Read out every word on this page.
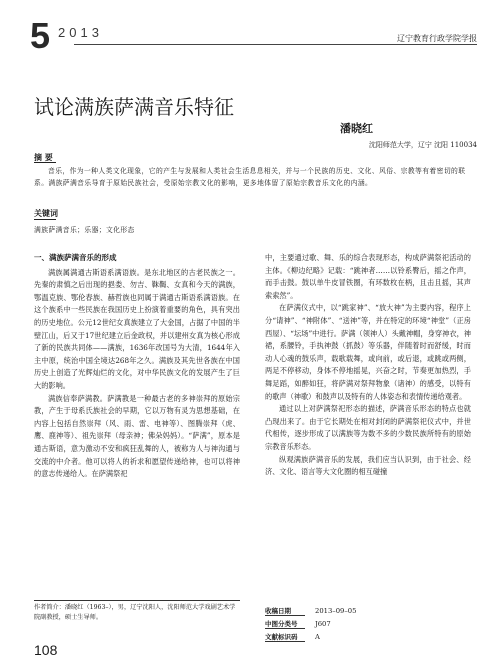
5 2013	辽宁教育行政学院学报
试论满族萨满音乐特征
潘晓红
沈阳师范大学，辽宁 沈阳 110034
摘 要

音乐，作为一种人类文化现象，它的产生与发展和人类社会生活息息相关，并与一个民族的历史、文化、风俗、宗教等有着密切的联系。满族萨满音乐导育于原始民族社会，受原始宗教文化的影响，更多地体留了原始宗教音乐文化的内涵。

关键词
满族萨满音乐；乐器；文化形态
一、满族萨满音乐的形成

满族属满通古斯语系满语族。是东北地区的古老民族之一。先秦的肃慎之后出现的挹娄、勿吉、靺鞨、女真和今天的满族，鄂温克族、鄂伦春族、赫哲族也同属于满通古斯语系满语族。在这个族系中一些民族在我国历史上扮演着重要的角色，具有突出的历史地位。公元12世纪女真族建立了大金国，占据了中国的半壁江山，后又于17世纪建立后金政权，并以建州女真为核心形成了新的民族共同体——满族，1636年改国号为大清，1644年入主中原，统治中国全境达268年之久。满族及其先世各族在中国历史上创造了光辉灿烂的文化，对中华民族文化的发展产生了巨大的影响。

满族信奉萨满教。萨满教是一种最古老的多神崇拜的原始宗教，产生于母系氏族社会的早期，它以万物有灵为思想基础，在内容上包括自然崇拜（风、雨、雷、电神等）、图腾崇拜（虎、鹰、鹿神等）、祖先崇拜（母亲神；佛朵妈妈）。“萨满”，原本是通古斯语，意为激动不安和疯狂乱舞的人，被称为人与神沟通与交流的中介者。他可以将人的祈求和愿望传递给神，也可以将神的意志传递给人。在萨满祭祀

中，主要通过歌、舞、乐的综合表现形态，构成萨满祭祀活动的主体。《柳边纪略》记载：“跳神者……以铃系臀后，摇之作声，而手击鼓。鼓以单牛皮冒铁圈，有环数枚在柄，且击且摇，其声索索然”。

在萨满仪式中，以“跳家神”、“放大神”为主要内容，程序上分“请神”、“神附体”、“送神”等，并在特定的环境“神堂”（正房西屋）、“坛场”中进行。萨满（领神人）头戴神帽，身穿神衣，神裙，系腰铃，手执神鼓（抓鼓）等乐器，伴随着时而舒缓，时而动人心魂的鼓乐声，载歌载舞，或向前，或后退，或跳或两侧，两足不停移动，身体不停地摇晃，兴奋之时，节奏更加热烈，手舞足蹈，如醉如狂，将萨满对祭拜物象（诸神）的感受，以特有的歌声（神歌）和鼓声以及特有的人体姿态和表情传递给观者。

通过以上对萨满祭祀形态的描述，萨满音乐形态的特点也就凸现出来了。由于它长期处在相对封闭的萨满祭祀仪式中，并世代相传，逐步形成了以满族等为数不多的少数民族所特有的原始宗教音乐形态。

纵观满族萨满音乐的发展，我们应当认识到，由于社会、经济、文化、语言等大文化圈的相互碰撞

作者简介：潘晓红（1963–），男，辽宁沈阳人，沈阳师范大学戏剧艺术学院副教授，硕士生导师。
收稿日期	2013–09–05
中图分类号	J607
文献标识码	A
108
